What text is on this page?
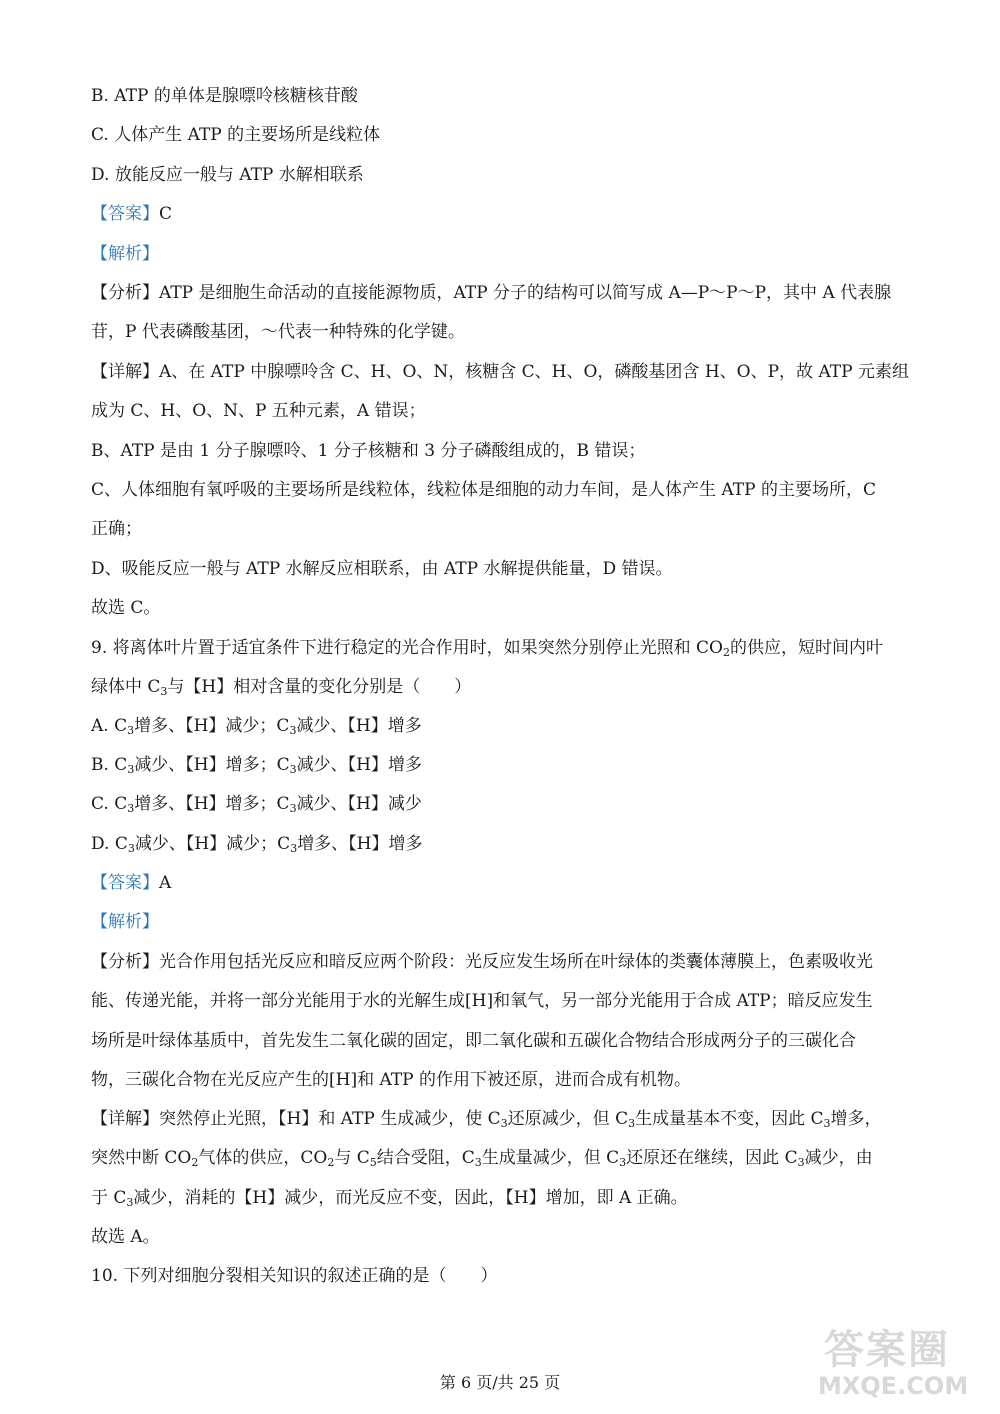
B. ATP 的单体是腺嘌呤核糖核苷酸

C. 人体产生 ATP 的主要场所是线粒体

D. 放能反应一般与 ATP 水解相联系

【答案】C

【解析】

【分析】ATP 是细胞生命活动的直接能源物质，ATP 分子的结构可以简写成 A—P～P～P，其中 A 代表腺

苷，P 代表磷酸基团，～代表一种特殊的化学键。

【详解】A、在 ATP 中腺嘌呤含 C、H、O、N，核糖含 C、H、O，磷酸基团含 H、O、P，故 ATP 元素组

成为 C、H、O、N、P 五种元素，A 错误；

B、ATP 是由 1 分子腺嘌呤、1 分子核糖和 3 分子磷酸组成的，B 错误；

C、人体细胞有氧呼吸的主要场所是线粒体，线粒体是细胞的动力车间，是人体产生 ATP 的主要场所，C

正确；

D、吸能反应一般与 ATP 水解反应相联系，由 ATP 水解提供能量，D 错误。

故选 C。

9. 将离体叶片置于适宜条件下进行稳定的光合作用时，如果突然分别停止光照和 $CO_2$的供应，短时间内叶

绿体中 $C_3$与【H】相对含量的变化分别是（　　）

A. $C_3$增多、【H】减少；$C_3$减少、【H】增多

B. $C_3$减少、【H】增多；$C_3$减少、【H】增多

C. $C_3$增多、【H】增多；$C_3$减少、【H】减少

D. $C_3$减少、【H】减少；$C_3$增多、【H】增多

【答案】A

【解析】

【分析】光合作用包括光反应和暗反应两个阶段：光反应发生场所在叶绿体的类囊体薄膜上，色素吸收光

能、传递光能，并将一部分光能用于水的光解生成[H]和氧气，另一部分光能用于合成 ATP；暗反应发生

场所是叶绿体基质中，首先发生二氧化碳的固定，即二氧化碳和五碳化合物结合形成两分子的三碳化合

物，三碳化合物在光反应产生的[H]和 ATP 的作用下被还原，进而合成有机物。

【详解】突然停止光照，【H】和 ATP 生成减少，使 $C_3$还原减少，但 $C_3$生成量基本不变，因此 $C_3$增多，

突然中断 $CO_2$气体的供应，$CO_2$与 $C_5$结合受阻，$C_3$生成量减少，但 $C_3$还原还在继续，因此 $C_3$减少，由

于 $C_3$减少，消耗的【H】减少，而光反应不变，因此，【H】增加，即 A 正确。

故选 A。

10. 下列对细胞分裂相关知识的叙述正确的是（　　）

第 6 页/共 25 页
答案圈
MXQE.COM
